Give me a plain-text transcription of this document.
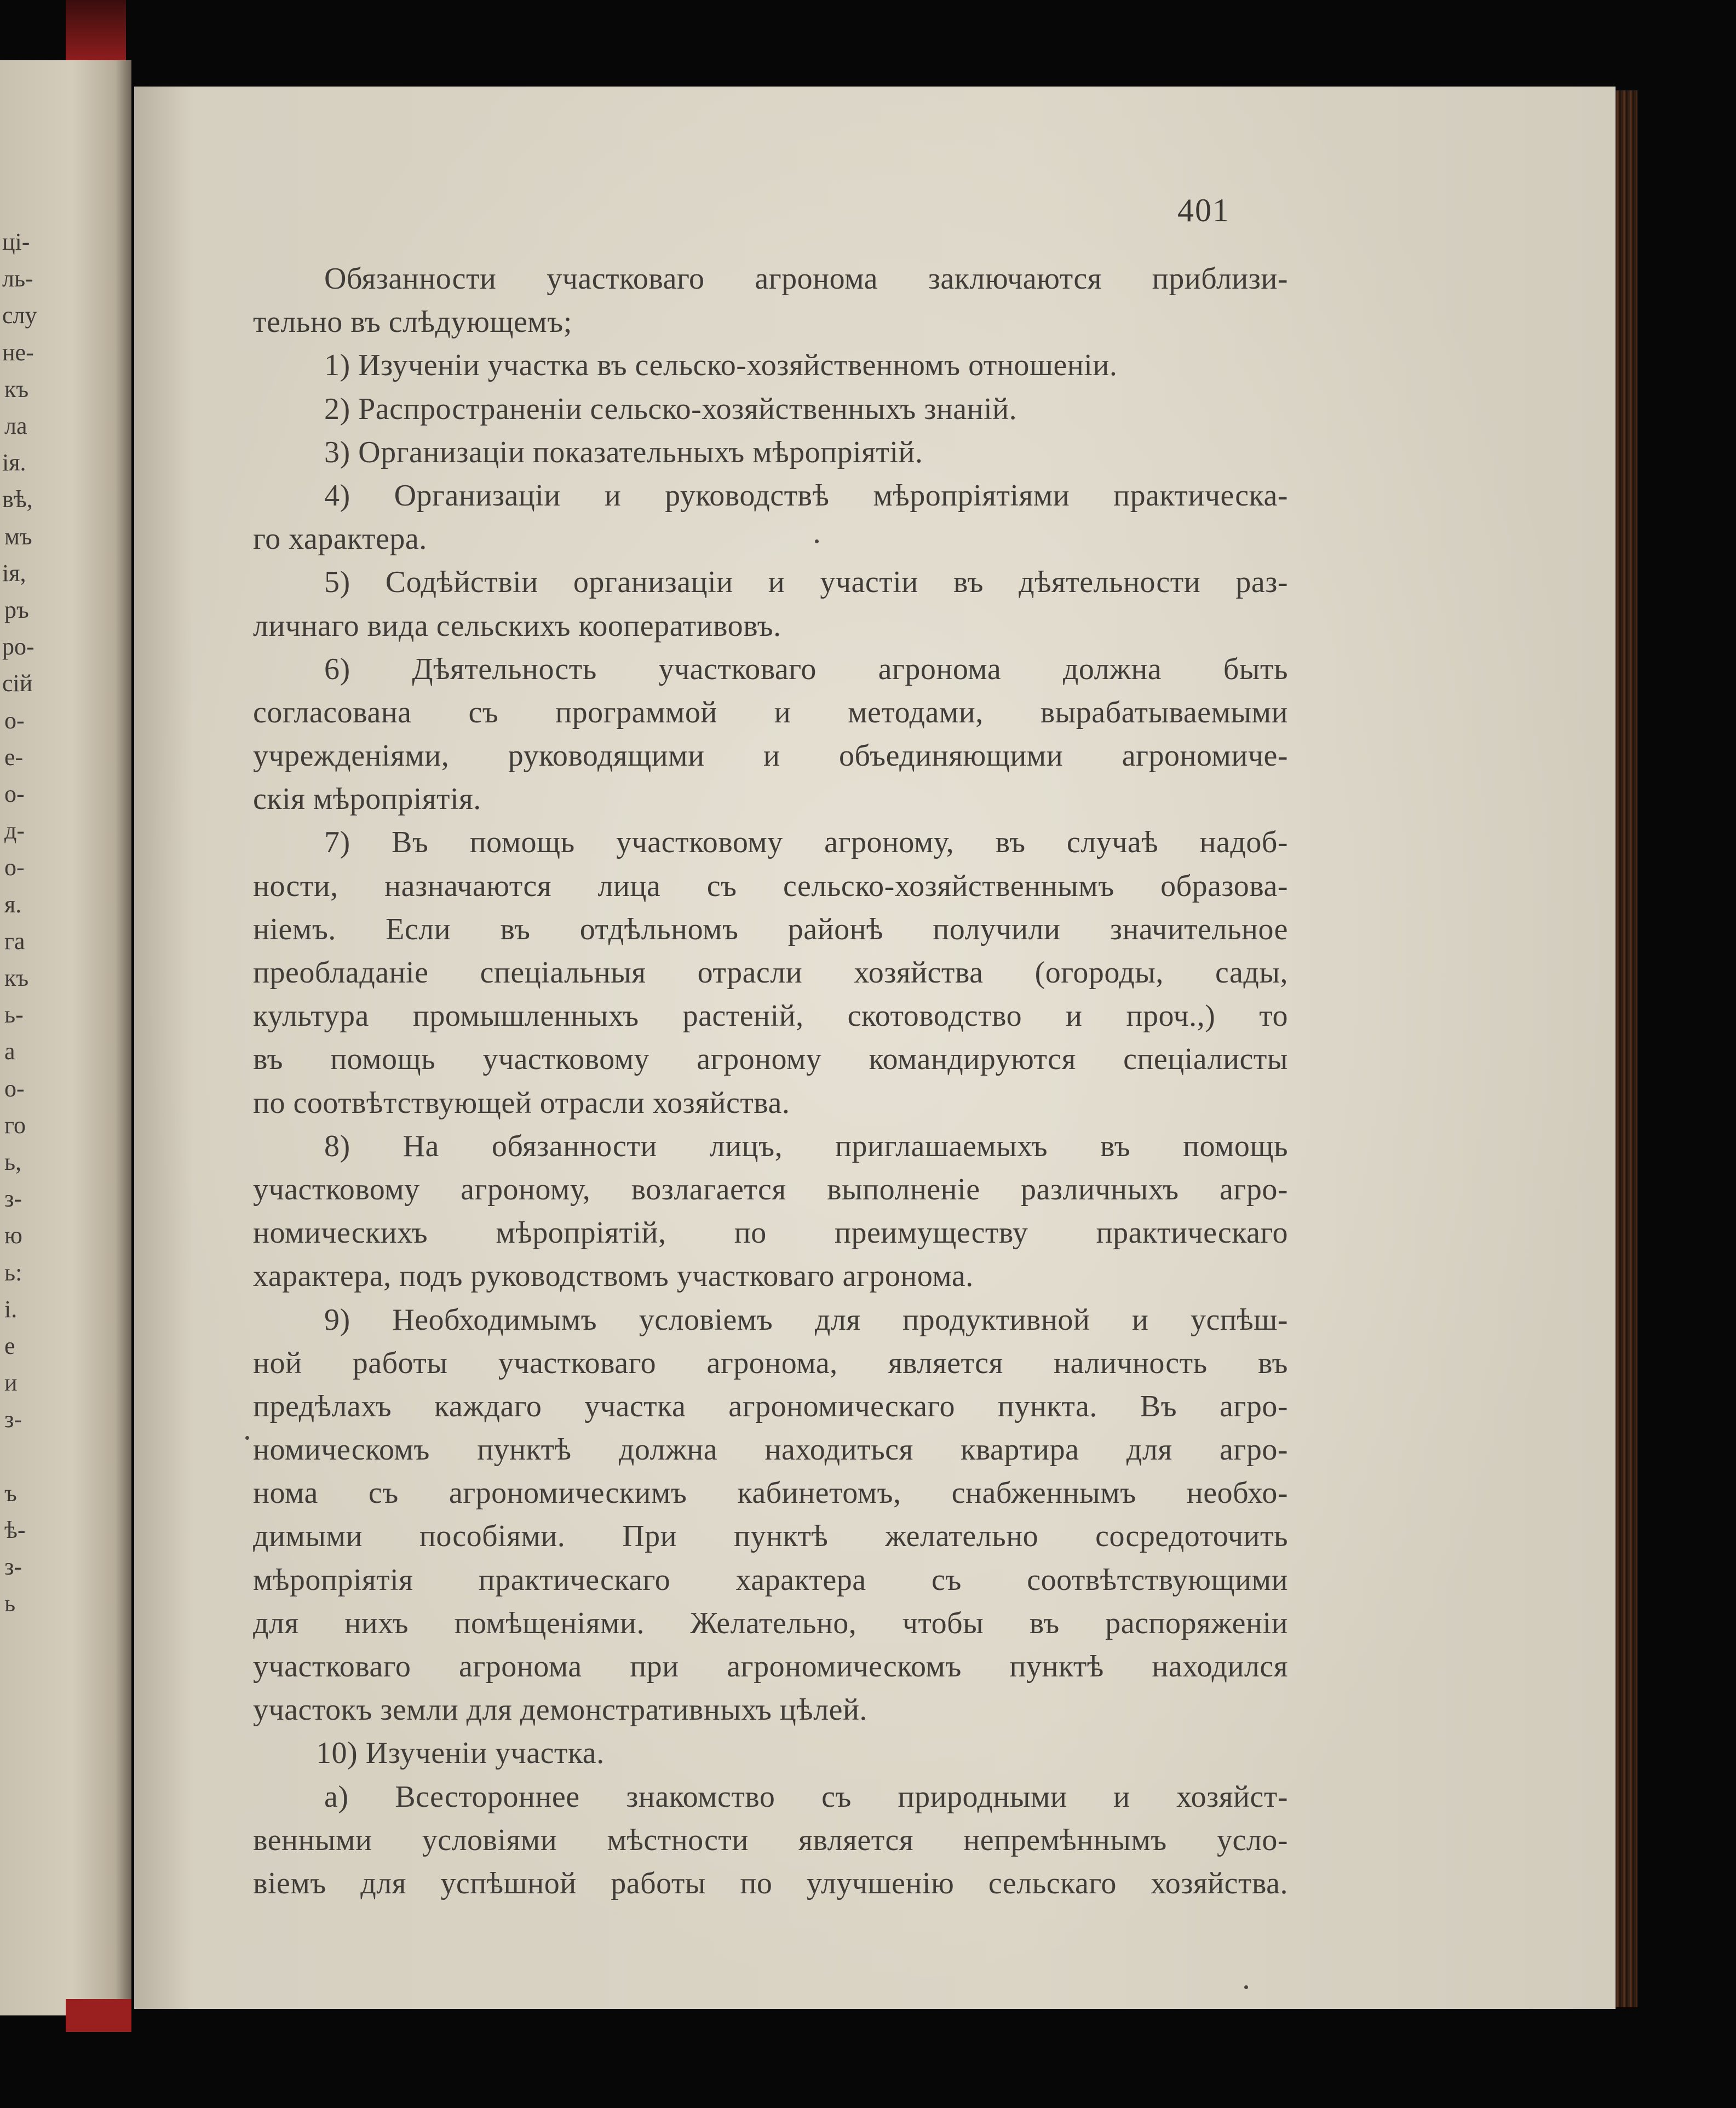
ці-
ль-
слу
не-
къ
ла
ія.
вѣ,
мъ
ія,
ръ
ро-
сій
о-
е-
о-
д-
о-
я.
га
къ
ь-
а
о-
го
ь,
з-
ю
ь:
і.
е
и
з-
ъ
ѣ-
з-
ь
401
Обязанности участковаго агронома заключаются приблизи-
тельно въ слѣдующемъ;
1) Изученіи участка въ сельско-хозяйственномъ отношеніи.
2) Распространеніи сельско-хозяйственныхъ знаній.
3) Организаціи показательныхъ мѣропріятій.
4) Организаціи и руководствѣ мѣропріятіями практическа-
го характера.
5) Содѣйствіи организаціи и участіи въ дѣятельности раз-
личнаго вида сельскихъ кооперативовъ.
6) Дѣятельность участковаго агронома должна быть
согласована съ программой и методами, вырабатываемыми
учрежденіями, руководящими и объединяющими агрономиче-
скія мѣропріятія.
7) Въ помощь участковому агроному, въ случаѣ надоб-
ности, назначаются лица съ сельско-хозяйственнымъ образова-
ніемъ. Если въ отдѣльномъ районѣ получили значительное
преобладаніе спеціальныя отрасли хозяйства (огороды, сады,
культура промышленныхъ растеній, скотоводство и проч.,) то
въ помощь участковому агроному командируются спеціалисты
по соотвѣтствующей отрасли хозяйства.
8) На обязанности лицъ, приглашаемыхъ въ помощь
участковому агроному, возлагается выполненіе различныхъ агро-
номическихъ мѣропріятій, по преимуществу практическаго
характера, подъ руководствомъ участковаго агронома.
9) Необходимымъ условіемъ для продуктивной и успѣш-
ной работы участковаго агронома, является наличность въ
предѣлахъ каждаго участка агрономическаго пункта. Въ агро-
номическомъ пунктѣ должна находиться квартира для агро-
нома съ агрономическимъ кабинетомъ, снабженнымъ необхо-
димыми пособіями. При пунктѣ желательно сосредоточить
мѣропріятія практическаго характера съ соотвѣтствующими
для нихъ помѣщеніями. Желательно, чтобы въ распоряженіи
участковаго агронома при агрономическомъ пунктѣ находился
участокъ земли для демонстративныхъ цѣлей.
10) Изученіи участка.
а) Всестороннее знакомство съ природными и хозяйст-
венными условіями мѣстности является непремѣннымъ усло-
віемъ для успѣшной работы по улучшенію сельскаго хозяйства.
